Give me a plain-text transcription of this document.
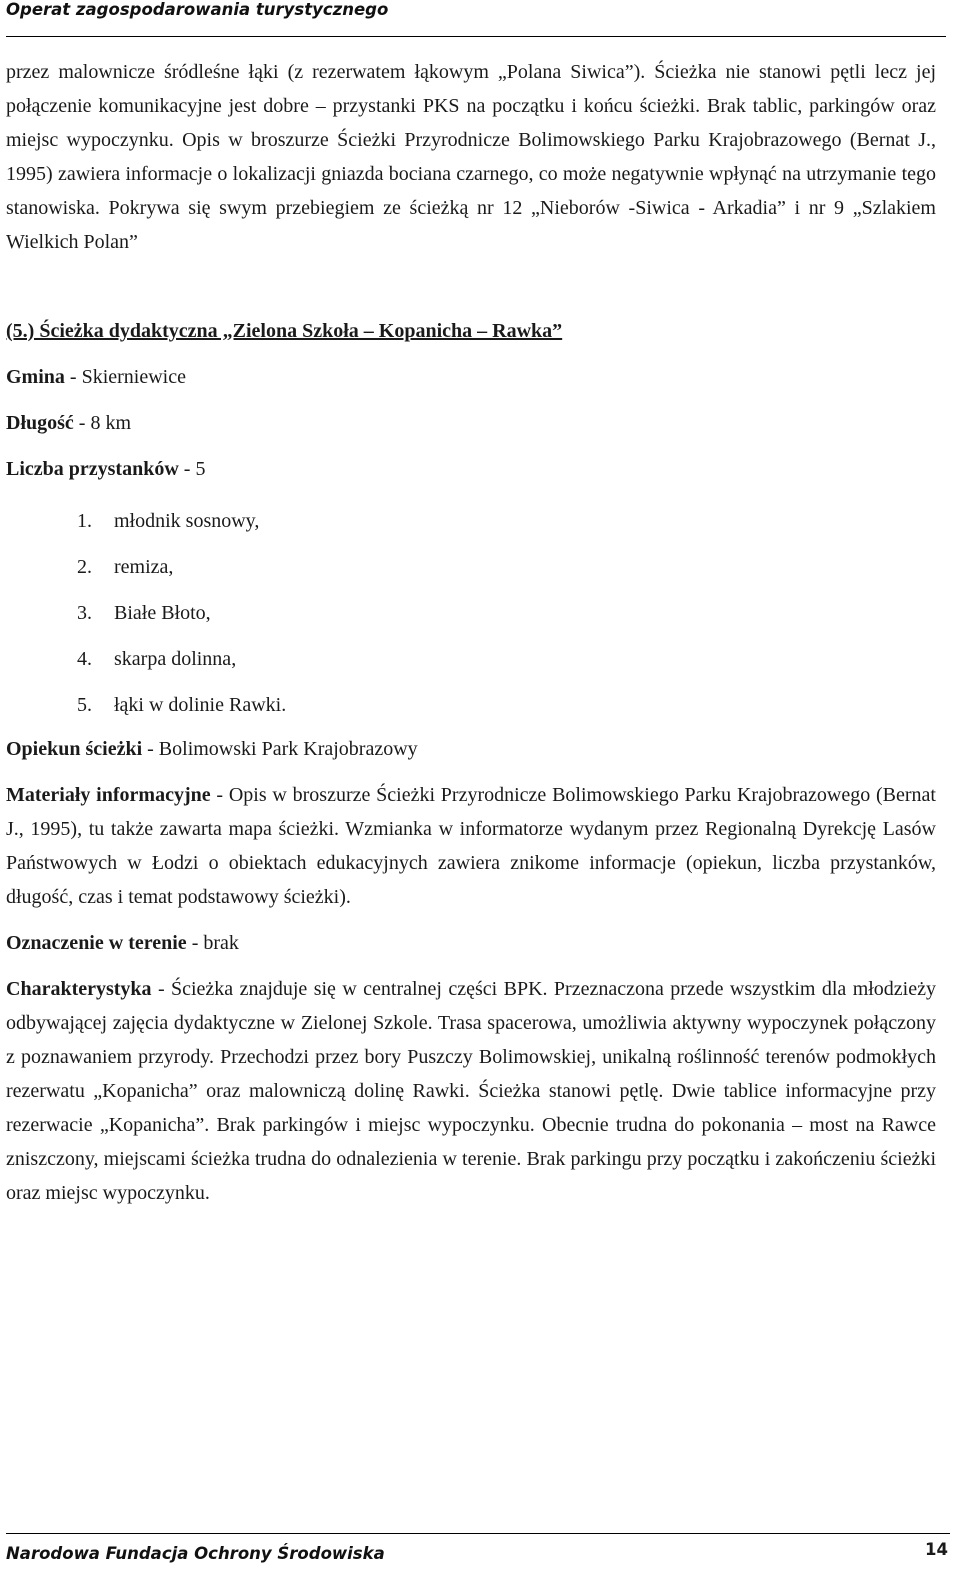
Operat zagospodarowania turystycznego

przez malownicze śródleśne łąki (z rezerwatem łąkowym „Polana Siwica”). Ścieżka nie stanowi pętli lecz jej połączenie komunikacyjne jest dobre – przystanki PKS na początku i końcu ścieżki. Brak tablic, parkingów oraz miejsc wypoczynku. Opis w broszurze Ścieżki Przyrodnicze Bolimowskiego Parku Krajobrazowego (Bernat J., 1995) zawiera informacje o lokalizacji gniazda bociana czarnego, co może negatywnie wpłynąć na utrzymanie tego stanowiska. Pokrywa się swym przebiegiem ze ścieżką nr 12 „Nieborów -Siwica - Arkadia” i nr 9 „Szlakiem Wielkich Polan”

(5.) Ścieżka dydaktyczna „Zielona Szkoła – Kopanicha – Rawka”

Gmina - Skierniewice

Długość - 8 km

Liczba przystanków - 5

1.	młodnik sosnowy,
2.	remiza,
3.	Białe Błoto,
4.	skarpa dolinna,
5.	łąki w dolinie Rawki.

Opiekun ścieżki - Bolimowski Park Krajobrazowy

Materiały informacyjne - Opis w broszurze Ścieżki Przyrodnicze Bolimowskiego Parku Krajobrazowego (Bernat J., 1995), tu także zawarta mapa ścieżki. Wzmianka w informatorze wydanym przez Regionalną Dyrekcję Lasów Państwowych w Łodzi o obiektach edukacyjnych zawiera znikome informacje (opiekun, liczba przystanków, długość, czas i temat podstawowy ścieżki).

Oznaczenie w terenie - brak

Charakterystyka - Ścieżka znajduje się w centralnej części BPK. Przeznaczona przede wszystkim dla młodzieży odbywającej zajęcia dydaktyczne w Zielonej Szkole. Trasa spacerowa, umożliwia aktywny wypoczynek połączony z poznawaniem przyrody. Przechodzi przez bory Puszczy Bolimowskiej, unikalną roślinność terenów podmokłych rezerwatu „Kopanicha” oraz malowniczą dolinę Rawki. Ścieżka stanowi pętlę. Dwie tablice informacyjne przy rezerwacie „Kopanicha”. Brak parkingów i miejsc wypoczynku. Obecnie trudna do pokonania – most na Rawce zniszczony, miejscami ścieżka trudna do odnalezienia w terenie. Brak parkingu przy początku i zakończeniu ścieżki oraz miejsc wypoczynku.

Narodowa Fundacja Ochrony Środowiska	14
